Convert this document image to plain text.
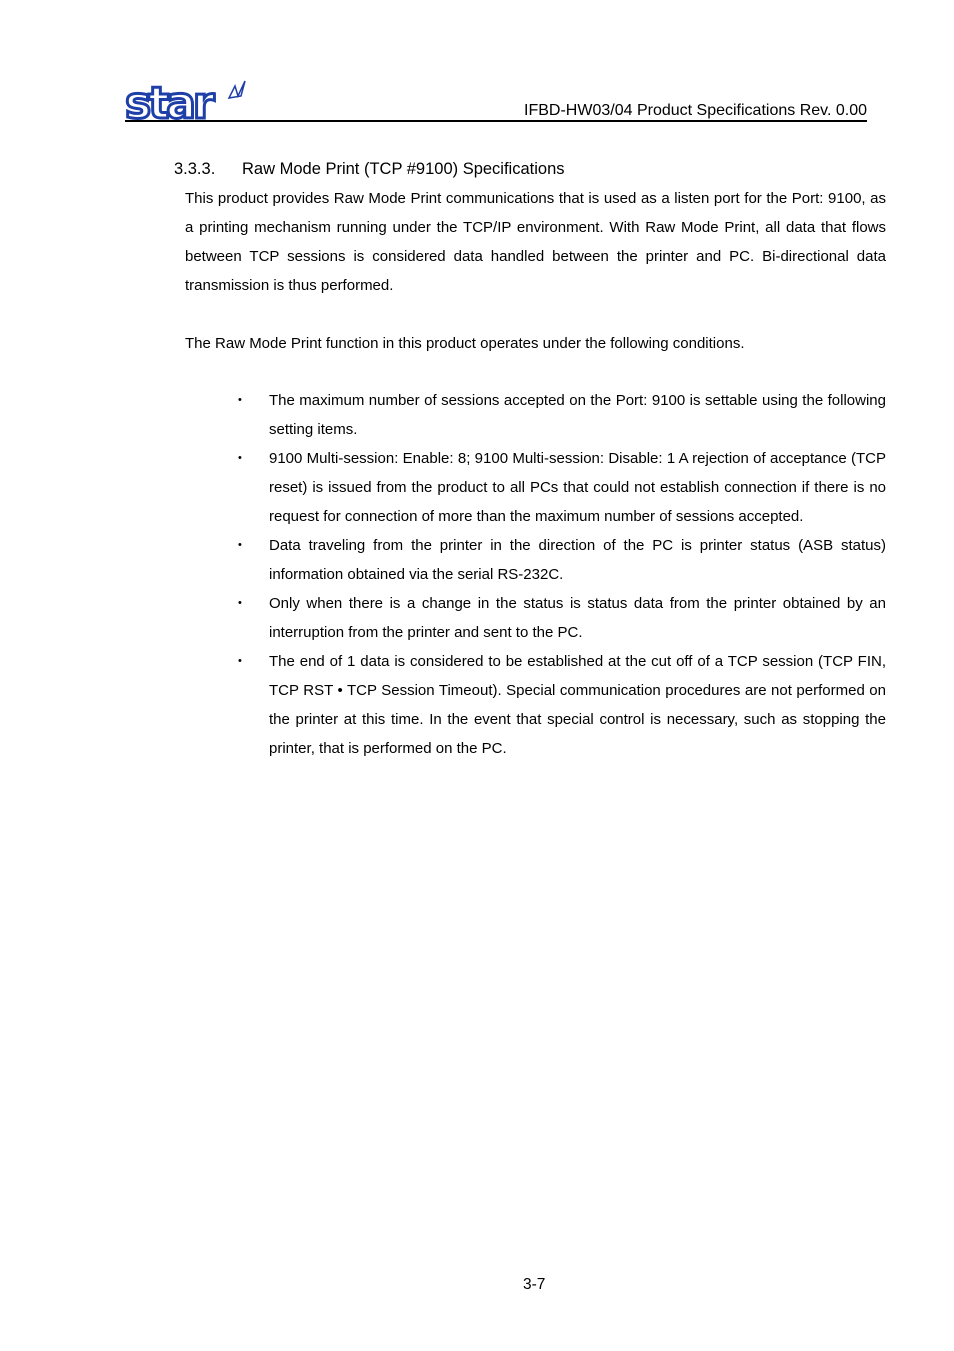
star	IFBD-HW03/04 Product Specifications Rev. 0.00
3.3.3. Raw Mode Print (TCP #9100) Specifications

This product provides Raw Mode Print communications that is used as a listen port for the Port: 9100, as a printing mechanism running under the TCP/IP environment. With Raw Mode Print, all data that flows between TCP sessions is considered data handled between the printer and PC. Bi-directional data transmission is thus performed.

The Raw Mode Print function in this product operates under the following conditions.

• The maximum number of sessions accepted on the Port: 9100 is settable using the following setting items.
• 9100 Multi-session: Enable: 8; 9100 Multi-session: Disable: 1 A rejection of acceptance (TCP reset) is issued from the product to all PCs that could not establish connection if there is no request for connection of more than the maximum number of sessions accepted.
• Data traveling from the printer in the direction of the PC is printer status (ASB status) information obtained via the serial RS-232C.
• Only when there is a change in the status is status data from the printer obtained by an interruption from the printer and sent to the PC.
• The end of 1 data is considered to be established at the cut off of a TCP session (TCP FIN, TCP RST • TCP Session Timeout). Special communication procedures are not performed on the printer at this time. In the event that special control is necessary, such as stopping the printer, that is performed on the PC.
3-7
